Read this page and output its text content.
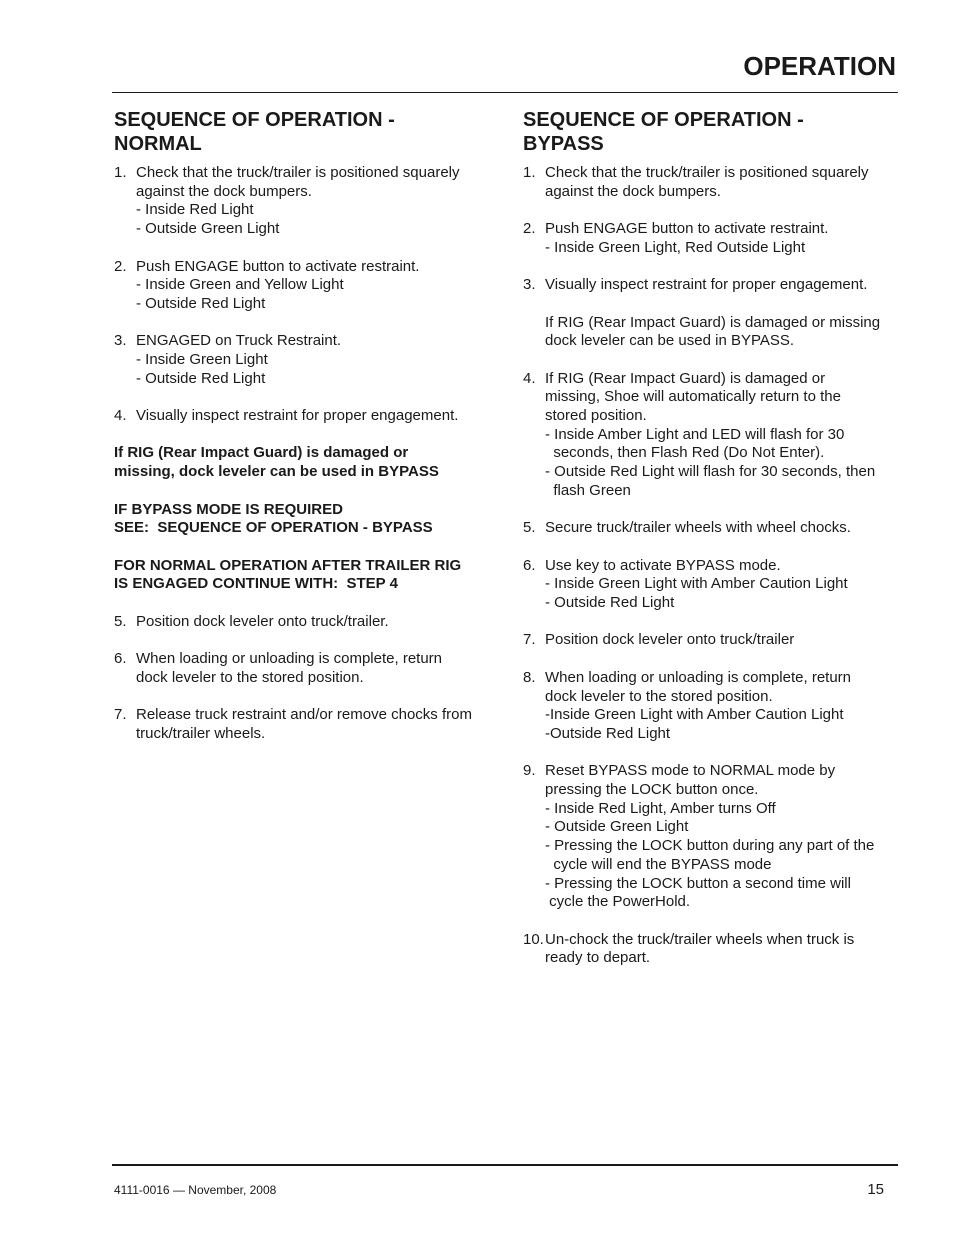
OPERATION
SEQUENCE OF OPERATION -
NORMAL
1. Check that the truck/trailer is positioned squarely
against the dock bumpers.
- Inside Red Light
- Outside Green Light
2. Push ENGAGE button to activate restraint.
- Inside Green and Yellow Light
- Outside Red Light
3. ENGAGED on Truck Restraint.
- Inside Green Light
- Outside Red Light
4. Visually inspect restraint for proper engagement.
If RIG (Rear Impact Guard) is damaged or
missing, dock leveler can be used in BYPASS
IF BYPASS MODE IS REQUIRED
SEE:  SEQUENCE OF OPERATION - BYPASS
FOR NORMAL OPERATION AFTER TRAILER RIG
IS ENGAGED CONTINUE WITH:  STEP 4
5. Position dock leveler onto truck/trailer.
6. When loading or unloading is complete, return
dock leveler to the stored position.
7. Release truck restraint and/or remove chocks from
truck/trailer wheels.
SEQUENCE OF OPERATION -
BYPASS
1. Check that the truck/trailer is positioned squarely
against the dock bumpers.
2. Push ENGAGE button to activate restraint.
- Inside Green Light, Red Outside Light
3. Visually inspect restraint for proper engagement.
If RIG (Rear Impact Guard) is damaged or missing
dock leveler can be used in BYPASS.
4. If RIG (Rear Impact Guard) is damaged or
missing, Shoe will automatically return to the
stored position.
- Inside Amber Light and LED will flash for 30
seconds, then Flash Red (Do Not Enter).
- Outside Red Light will flash for 30 seconds, then
flash Green
5. Secure truck/trailer wheels with wheel chocks.
6. Use key to activate BYPASS mode.
- Inside Green Light with Amber Caution Light
- Outside Red Light
7. Position dock leveler onto truck/trailer
8. When loading or unloading is complete, return
dock leveler to the stored position.
-Inside Green Light with Amber Caution Light
-Outside Red Light
9. Reset BYPASS mode to NORMAL mode by
pressing the LOCK button once.
- Inside Red Light, Amber turns Off
- Outside Green Light
- Pressing the LOCK button during any part of the
cycle will end the BYPASS mode
- Pressing the LOCK button a second time will
cycle the PowerHold.
10. Un-chock the truck/trailer wheels when truck is
ready to depart.
4111-0016 — November, 2008	15
